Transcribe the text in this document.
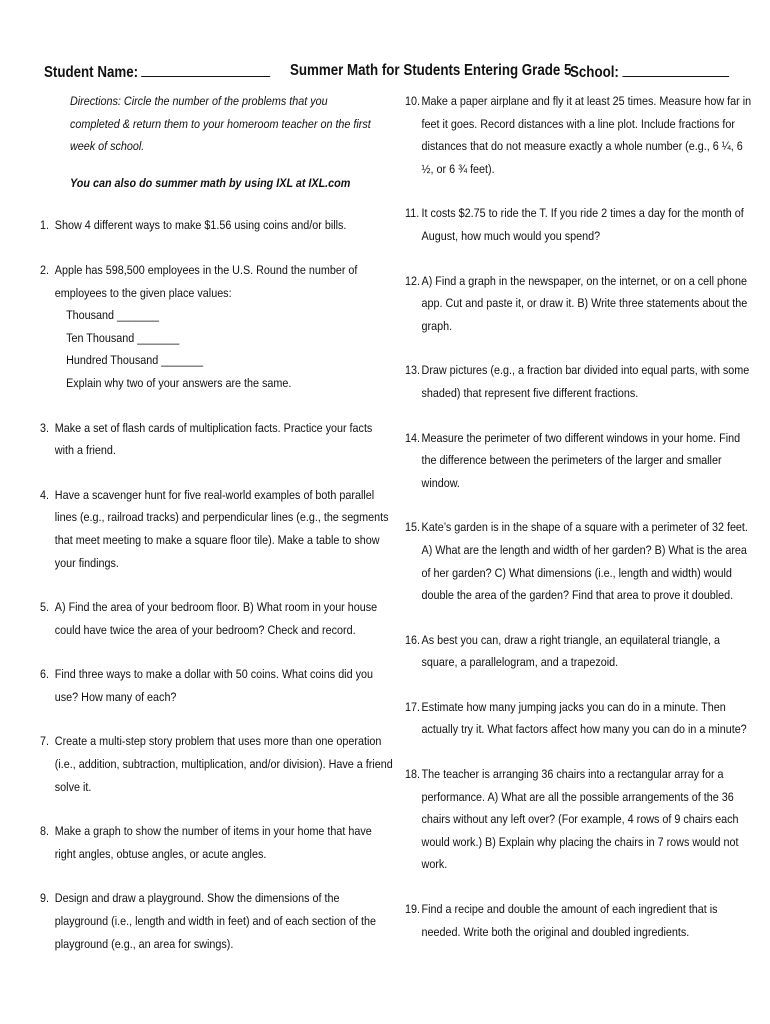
Student Name:	Summer Math for Students Entering Grade 5
School:
Directions: Circle the number of the problems that you completed & return them to your homeroom teacher on the first week of school.
You can also do summer math by using IXL at IXL.com
1. Show 4 different ways to make $1.56 using coins and/or bills.
2. Apple has 598,500 employees in the U.S. Round the number of employees to the given place values:
Thousand _______
Ten Thousand _______
Hundred Thousand _______
Explain why two of your answers are the same.
3. Make a set of flash cards of multiplication facts. Practice your facts with a friend.
4. Have a scavenger hunt for five real-world examples of both parallel lines (e.g., railroad tracks) and perpendicular lines (e.g., the segments that meet meeting to make a square floor tile). Make a table to show your findings.
5. A) Find the area of your bedroom floor. B) What room in your house could have twice the area of your bedroom? Check and record.
6. Find three ways to make a dollar with 50 coins. What coins did you use? How many of each?
7. Create a multi-step story problem that uses more than one operation (i.e., addition, subtraction, multiplication, and/or division). Have a friend solve it.
8. Make a graph to show the number of items in your home that have right angles, obtuse angles, or acute angles.
9. Design and draw a playground. Show the dimensions of the playground (i.e., length and width in feet) and of each section of the playground (e.g., an area for swings).
10. Make a paper airplane and fly it at least 25 times. Measure how far in feet it goes. Record distances with a line plot. Include fractions for distances that do not measure exactly a whole number (e.g., 6 ¼, 6 ½, or 6 ¾ feet).
11. It costs $2.75 to ride the T. If you ride 2 times a day for the month of August, how much would you spend?
12. A) Find a graph in the newspaper, on the internet, or on a cell phone app. Cut and paste it, or draw it. B) Write three statements about the graph.
13. Draw pictures (e.g., a fraction bar divided into equal parts, with some shaded) that represent five different fractions.
14. Measure the perimeter of two different windows in your home. Find the difference between the perimeters of the larger and smaller window.
15. Kate’s garden is in the shape of a square with a perimeter of 32 feet. A) What are the length and width of her garden? B) What is the area of her garden? C) What dimensions (i.e., length and width) would double the area of the garden? Find that area to prove it doubled.
16. As best you can, draw a right triangle, an equilateral triangle, a square, a parallelogram, and a trapezoid.
17. Estimate how many jumping jacks you can do in a minute. Then actually try it. What factors affect how many you can do in a minute?
18. The teacher is arranging 36 chairs into a rectangular array for a performance. A) What are all the possible arrangements of the 36 chairs without any left over? (For example, 4 rows of 9 chairs each would work.) B) Explain why placing the chairs in 7 rows would not work.
19. Find a recipe and double the amount of each ingredient that is needed. Write both the original and doubled ingredients.
